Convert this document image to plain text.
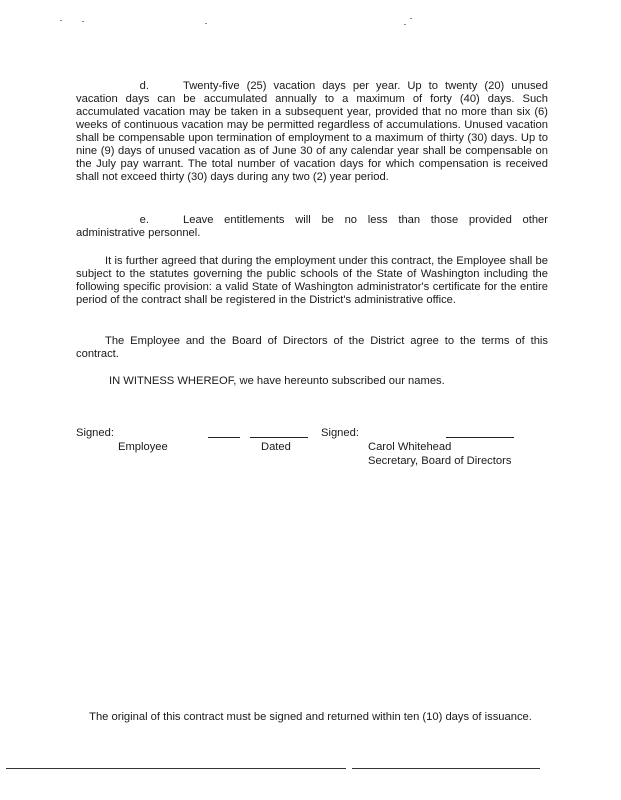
d.	Twenty-five (25) vacation days per year. Up to twenty (20) unused vacation days can be accumulated annually to a maximum of forty (40) days. Such accumulated vacation may be taken in a subsequent year, provided that no more than six (6) weeks of continuous vacation may be permitted regardless of accumulations. Unused vacation shall be compensable upon termination of employment to a maximum of thirty (30) days. Up to nine (9) days of unused vacation as of June 30 of any calendar year shall be compensable on the July pay warrant. The total number of vacation days for which compensation is received shall not exceed thirty (30) days during any two (2) year period.

e.	Leave entitlements will be no less than those provided other administrative personnel.

It is further agreed that during the employment under this contract, the Employee shall be subject to the statutes governing the public schools of the State of Washington including the following specific provision: a valid State of Washington administrator's certificate for the entire period of the contract shall be registered in the District's administrative office.

The Employee and the Board of Directors of the District agree to the terms of this contract.

IN WITNESS WHEREOF, we have hereunto subscribed our names.

Signed:
Employee	Dated
Signed:
Carol Whitehead
Secretary, Board of Directors
The original of this contract must be signed and returned within ten (10) days of issuance.
